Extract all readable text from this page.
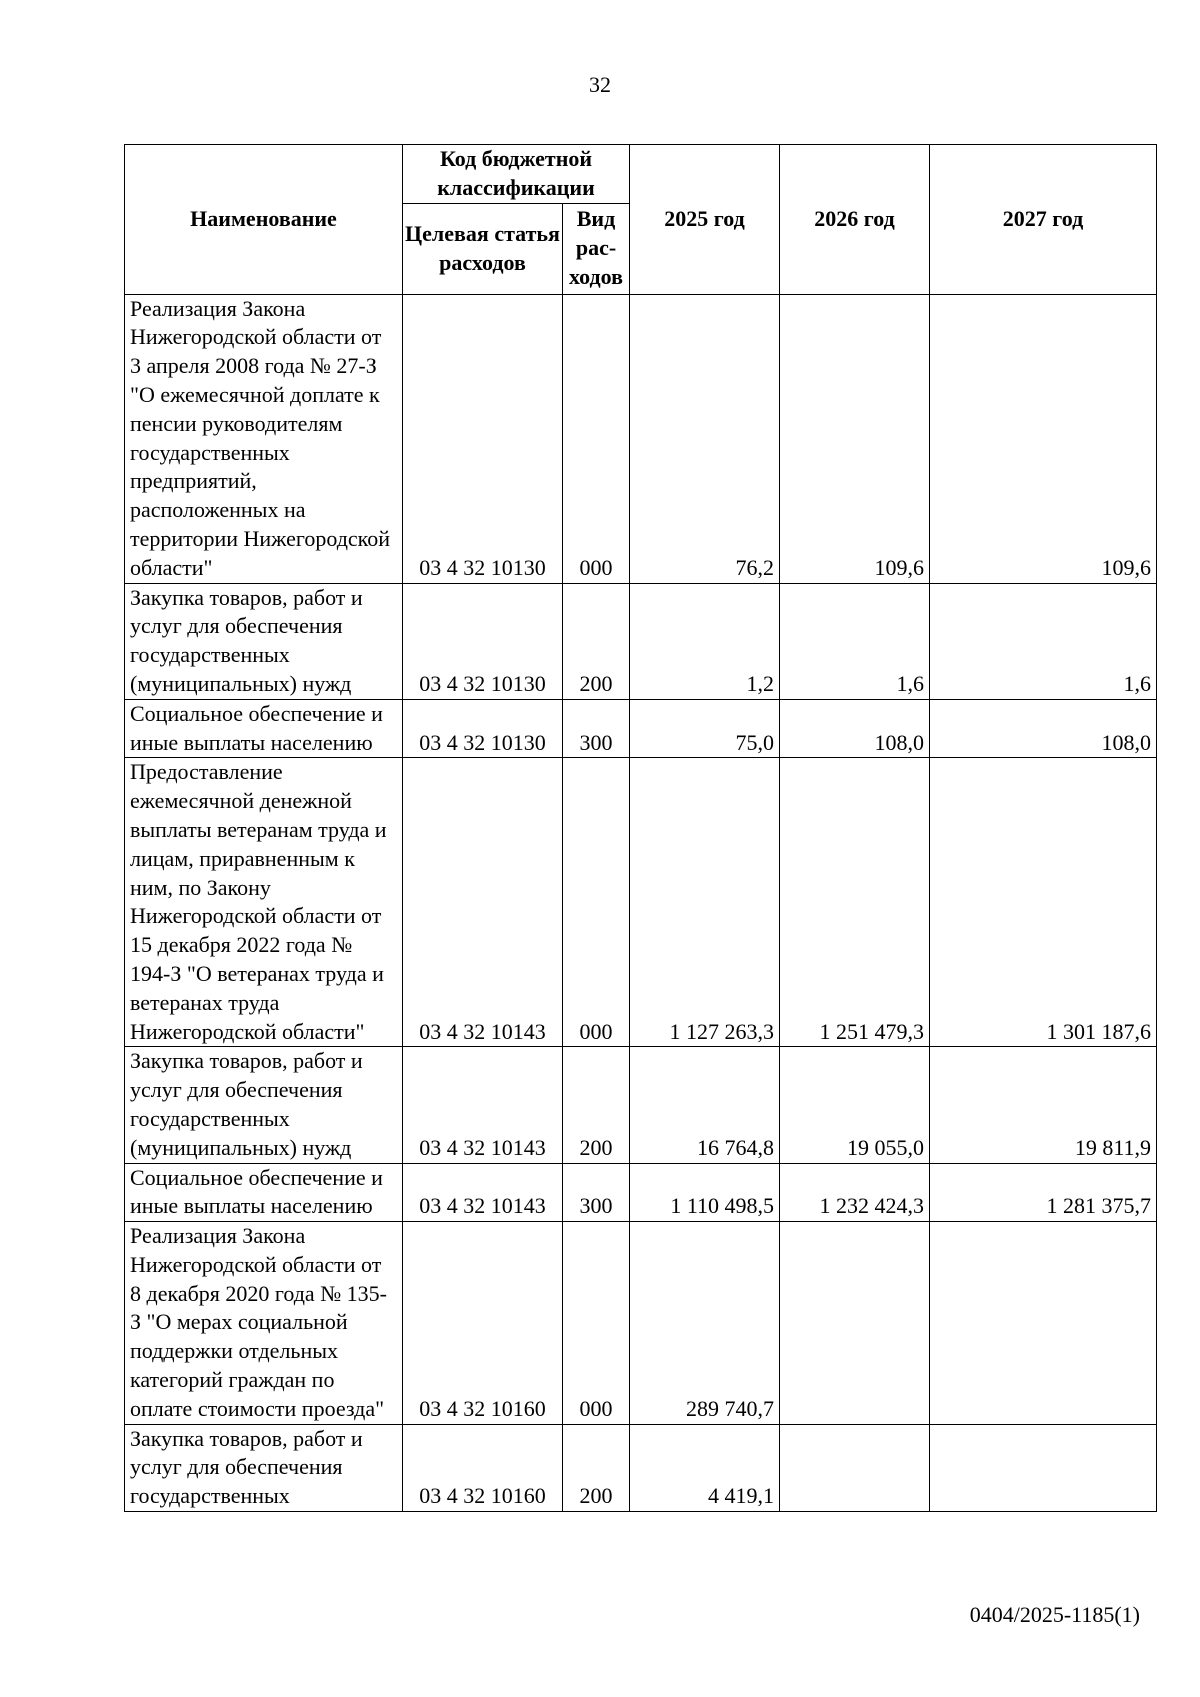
32
Наименование	Код бюджетной классификации		2025 год	2026 год	2027 год
	Целевая статья расходов	Вид рас-ходов			
Реализация Закона Нижегородской области от 3 апреля 2008 года № 27-З "О ежемесячной доплате к пенсии руководителям государственных предприятий, расположенных на территории Нижегородской области"	03 4 32 10130	000	76,2	109,6	109,6
Закупка товаров, работ и услуг для обеспечения государственных (муниципальных) нужд	03 4 32 10130	200	1,2	1,6	1,6
Социальное обеспечение и иные выплаты населению	03 4 32 10130	300	75,0	108,0	108,0
Предоставление ежемесячной денежной выплаты ветеранам труда и лицам, приравненным к ним, по Закону Нижегородской области от 15 декабря 2022 года № 194-З "О ветеранах труда и ветеранах труда Нижегородской области"	03 4 32 10143	000	1 127 263,3	1 251 479,3	1 301 187,6
Закупка товаров, работ и услуг для обеспечения государственных (муниципальных) нужд	03 4 32 10143	200	16 764,8	19 055,0	19 811,9
Социальное обеспечение и иные выплаты населению	03 4 32 10143	300	1 110 498,5	1 232 424,3	1 281 375,7
Реализация Закона Нижегородской области от 8 декабря 2020 года № 135-З "О мерах социальной поддержки отдельных категорий граждан по оплате стоимости проезда"	03 4 32 10160	000	289 740,7		
Закупка товаров, работ и услуг для обеспечения государственных	03 4 32 10160	200	4 419,1		
0404/2025-1185(1)
